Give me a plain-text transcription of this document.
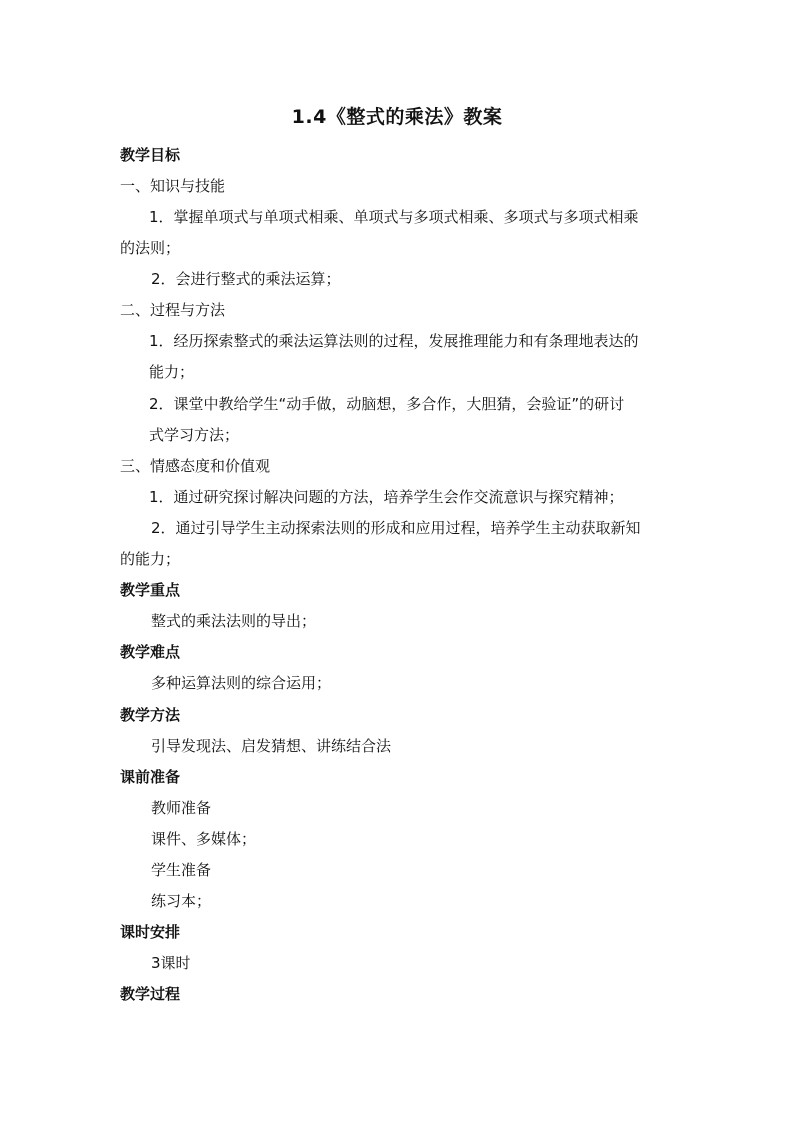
1.4《整式的乘法》教案
教学目标
一、知识与技能
1．掌握单项式与单项式相乘、单项式与多项式相乘、多项式与多项式相乘
的法则；
2．会进行整式的乘法运算；
二、过程与方法
1．经历探索整式的乘法运算法则的过程，发展推理能力和有条理地表达的
能力；
2．课堂中教给学生“动手做，动脑想，多合作，大胆猜，会验证”的研讨
式学习方法；
三、情感态度和价值观
1．通过研究探讨解决问题的方法，培养学生会作交流意识与探究精神；
2．通过引导学生主动探索法则的形成和应用过程，培养学生主动获取新知
的能力；
教学重点
整式的乘法法则的导出；
教学难点
多种运算法则的综合运用；
教学方法
引导发现法、启发猜想、讲练结合法
课前准备
教师准备
课件、多媒体；
学生准备
练习本；
课时安排
3课时
教学过程
